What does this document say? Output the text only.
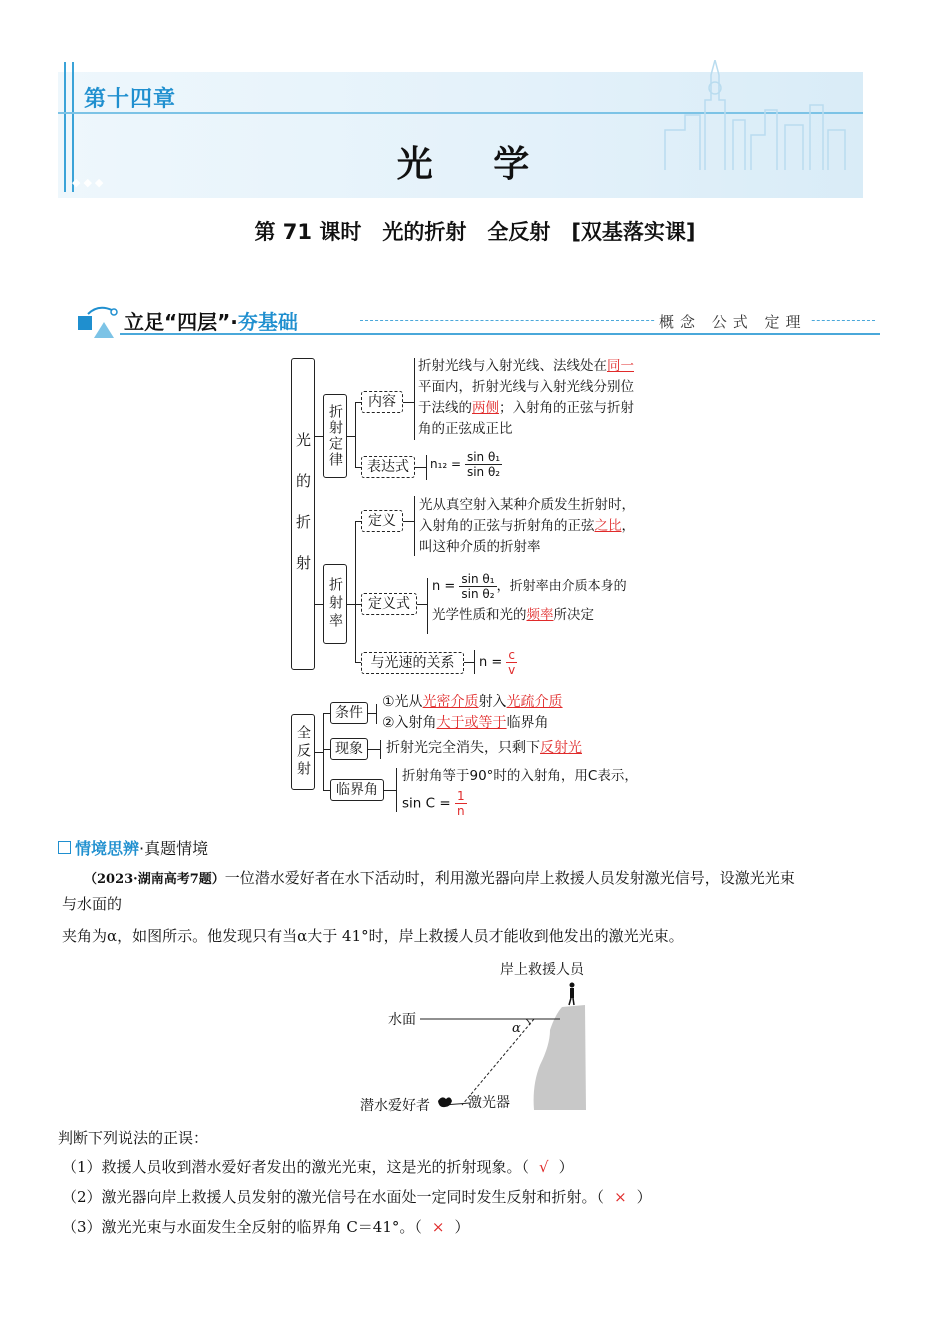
第十四章
光 学
◆◆◆
第 71 课时　光的折射　全反射　[双基落实课]
立足“四层”·夯基础	概念 公式 定理
光的折射	折射定律
内容
折射光线与入射光线、法线处在同一
平面内，折射光线与入射光线分别位
于法线的两侧；入射角的正弦与折射
角的正弦成正比
表达式	$n_{12} = \frac{\text{sin θ₁}}{\text{sin θ₂}}$
折射率
定义
光从真空射入某种介质发生折射时，
入射角的正弦与折射角的正弦之比，
叫这种介质的折射率
定义式
$n = \frac{\text{sin θ₁}}{\text{sin θ₂}}$ ，折射率由介质本身的
光学性质和光的频率所决定
与光速的关系	$n = \frac{c}{v}$
全反射
条件
①光从光密介质射入光疏介质
②入射角大于或等于临界角
现象	折射光完全消失，只剩下反射光
临界角
折射角等于90°时的入射角，用C表示，
$\sin C = \frac{1}{n}$
情境思辨·真题情境
（2023·湖南高考7题）一位潜水爱好者在水下活动时，利用激光器向岸上救援人员发射激光信号，设激光光束
与水面的
夹角为α，如图所示。他发现只有当α大于 41°时，岸上救援人员才能收到他发出的激光光束。
岸上救援人员
水面
α
潜水爱好者	激光器
判断下列说法的正误：
（1）救援人员收到潜水爱好者发出的激光光束，这是光的折射现象。（ √ ）
（2）激光器向岸上救援人员发射的激光信号在水面处一定同时发生反射和折射。（ × ）
（3）激光光束与水面发生全反射的临界角 C＝41°。（ × ）
